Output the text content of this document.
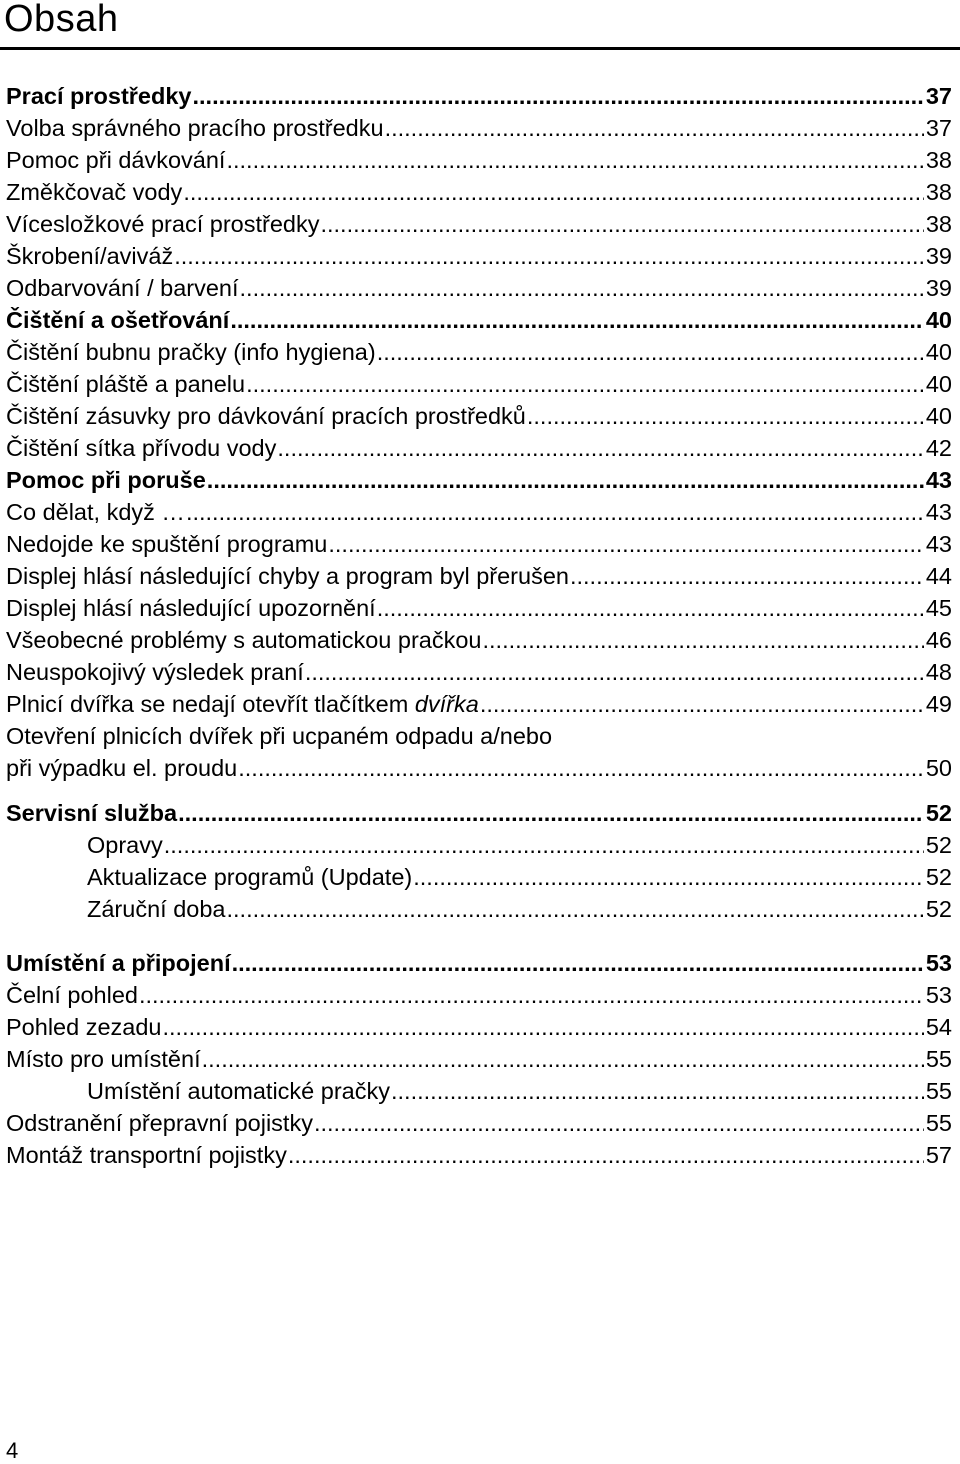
Obsah
Prací prostředky .....	37
Volba správného pracího prostředku .....	37
Pomoc při dávkování .....	38
Změkčovač vody .....	38
Vícesložkové prací prostředky .....	38
Škrobení/aviváž .....	39
Odbarvování / barvení .....	39
Čištění a ošetřování .....	40
Čištění bubnu pračky (info hygiena) .....	40
Čištění pláště a panelu .....	40
Čištění zásuvky pro dávkování pracích prostředků .....	40
Čištění sítka přívodu vody .....	42
Pomoc při poruše .....	43
Co dělat, když … .....	43
Nedojde ke spuštění programu .....	43
Displej hlásí následující chyby a program byl přerušen .....	44
Displej hlásí následující upozornění .....	45
Všeobecné problémy s automatickou pračkou .....	46
Neuspokojivý výsledek praní .....	48
Plnicí dvířka se nedají otevřít tlačítkem dvířka .....	49
Otevření plnicích dvířek při ucpaném odpadu a/nebo
při výpadku el. proudu .....	50
Servisní služba .....	52
Opravy .....	52
Aktualizace programů (Update) .....	52
Záruční doba .....	52
Umístění a připojení .....	53
Čelní pohled .....	53
Pohled zezadu .....	54
Místo pro umístění .....	55
Umístění automatické pračky .....	55
Odstranění přepravní pojistky .....	55
Montáž transportní pojistky .....	57
4
